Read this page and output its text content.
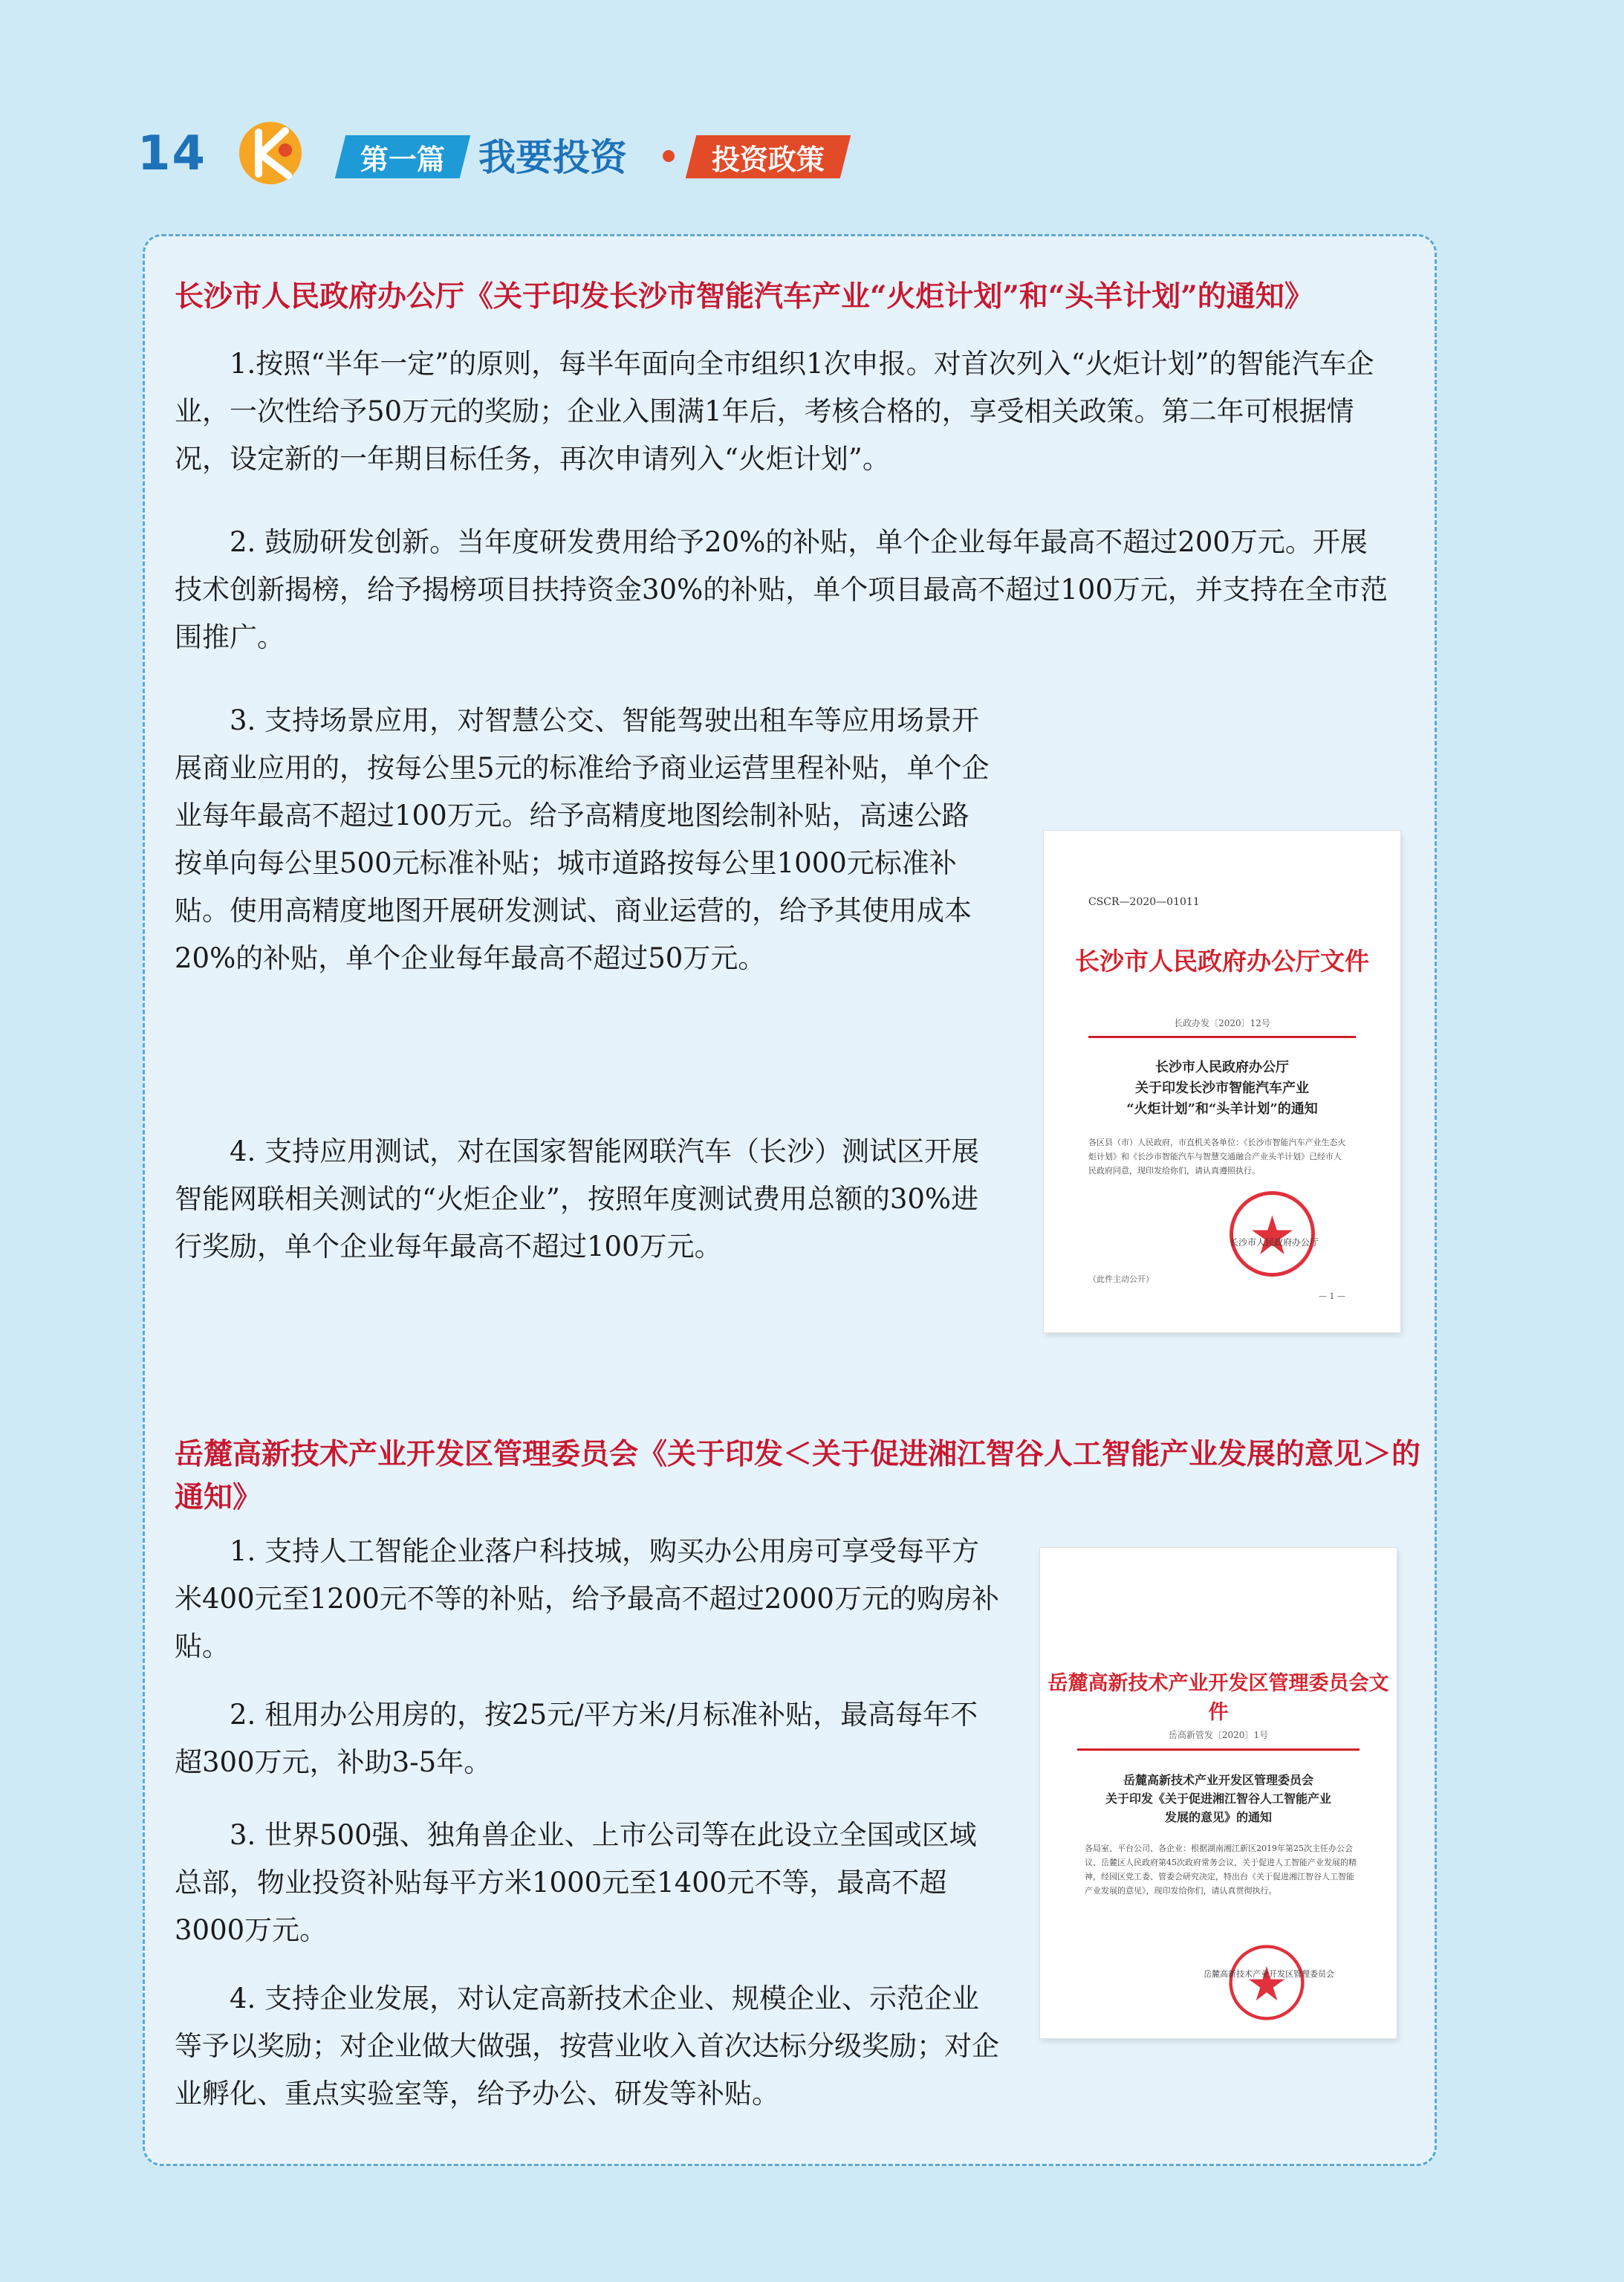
14	第一篇 我要投资	投资政策
长沙市人民政府办公厅《关于印发长沙市智能汽车产业“火炬计划”和“头羊计划”的通知》

1.按照“半年一定”的原则，每半年面向全市组织1次申报。对首次列入“火炬计划”的智能汽车企业，一次性给予50万元的奖励；企业入围满1年后，考核合格的，享受相关政策。第二年可根据情况，设定新的一年期目标任务，再次申请列入“火炬计划”。

2. 鼓励研发创新。当年度研发费用给予20%的补贴，单个企业每年最高不超过200万元。开展技术创新揭榜，给予揭榜项目扶持资金30%的补贴，单个项目最高不超过100万元，并支持在全市范围推广。

3. 支持场景应用，对智慧公交、智能驾驶出租车等应用场景开展商业应用的，按每公里5元的标准给予商业运营里程补贴，单个企业每年最高不超过100万元。给予高精度地图绘制补贴，高速公路按单向每公里500元标准补贴；城市道路按每公里1000元标准补贴。使用高精度地图开展研发测试、商业运营的，给予其使用成本20%的补贴，单个企业每年最高不超过50万元。

4. 支持应用测试，对在国家智能网联汽车（长沙）测试区开展智能网联相关测试的“火炬企业”，按照年度测试费用总额的30%进行奖励，单个企业每年最高不超过100万元。

CSCR—2020—01011
长沙市人民政府办公厅文件
长政办发〔2020〕12号

长沙市人民政府办公厅

关于印发长沙市智能汽车产业

“火炬计划”和“头羊计划”的通知

各区县（市）人民政府，市直机关各单位：《长沙市智能汽车产业生态火炬计划》和《长沙市智能汽车与智慧交通融合产业头羊计划》已经市人民政府同意，现印发给你们，请认真遵照执行。

长沙市人民政府办公厅
（此件主动公开）
— 1 —
岳麓高新技术产业开发区管理委员会《关于印发＜关于促进湘江智谷人工智能产业发展的意见＞的通知》

1. 支持人工智能企业落户科技城，购买办公用房可享受每平方米400元至1200元不等的补贴，给予最高不超过2000万元的购房补贴。

2. 租用办公用房的，按25元/平方米/月标准补贴，最高每年不超300万元，补助3-5年。

3. 世界500强、独角兽企业、上市公司等在此设立全国或区域总部，物业投资补贴每平方米1000元至1400元不等，最高不超3000万元。

4. 支持企业发展，对认定高新技术企业、规模企业、示范企业等予以奖励；对企业做大做强，按营业收入首次达标分级奖励；对企业孵化、重点实验室等，给予办公、研发等补贴。

岳麓高新技术产业开发区管理委员会文件
岳高新管发〔2020〕1号

岳麓高新技术产业开发区管理委员会

关于印发《关于促进湘江智谷人工智能产业

发展的意见》的通知

各局室、平台公司、各企业：根据湖南湘江新区2019年第25次主任办公会议、岳麓区人民政府第45次政府常务会议，关于促进人工智能产业发展的精神，经园区党工委、管委会研究决定，特出台《关于促进湘江智谷人工智能产业发展的意见》，现印发给你们，请认真贯彻执行。

岳麓高新技术产业开发区管理委员会
